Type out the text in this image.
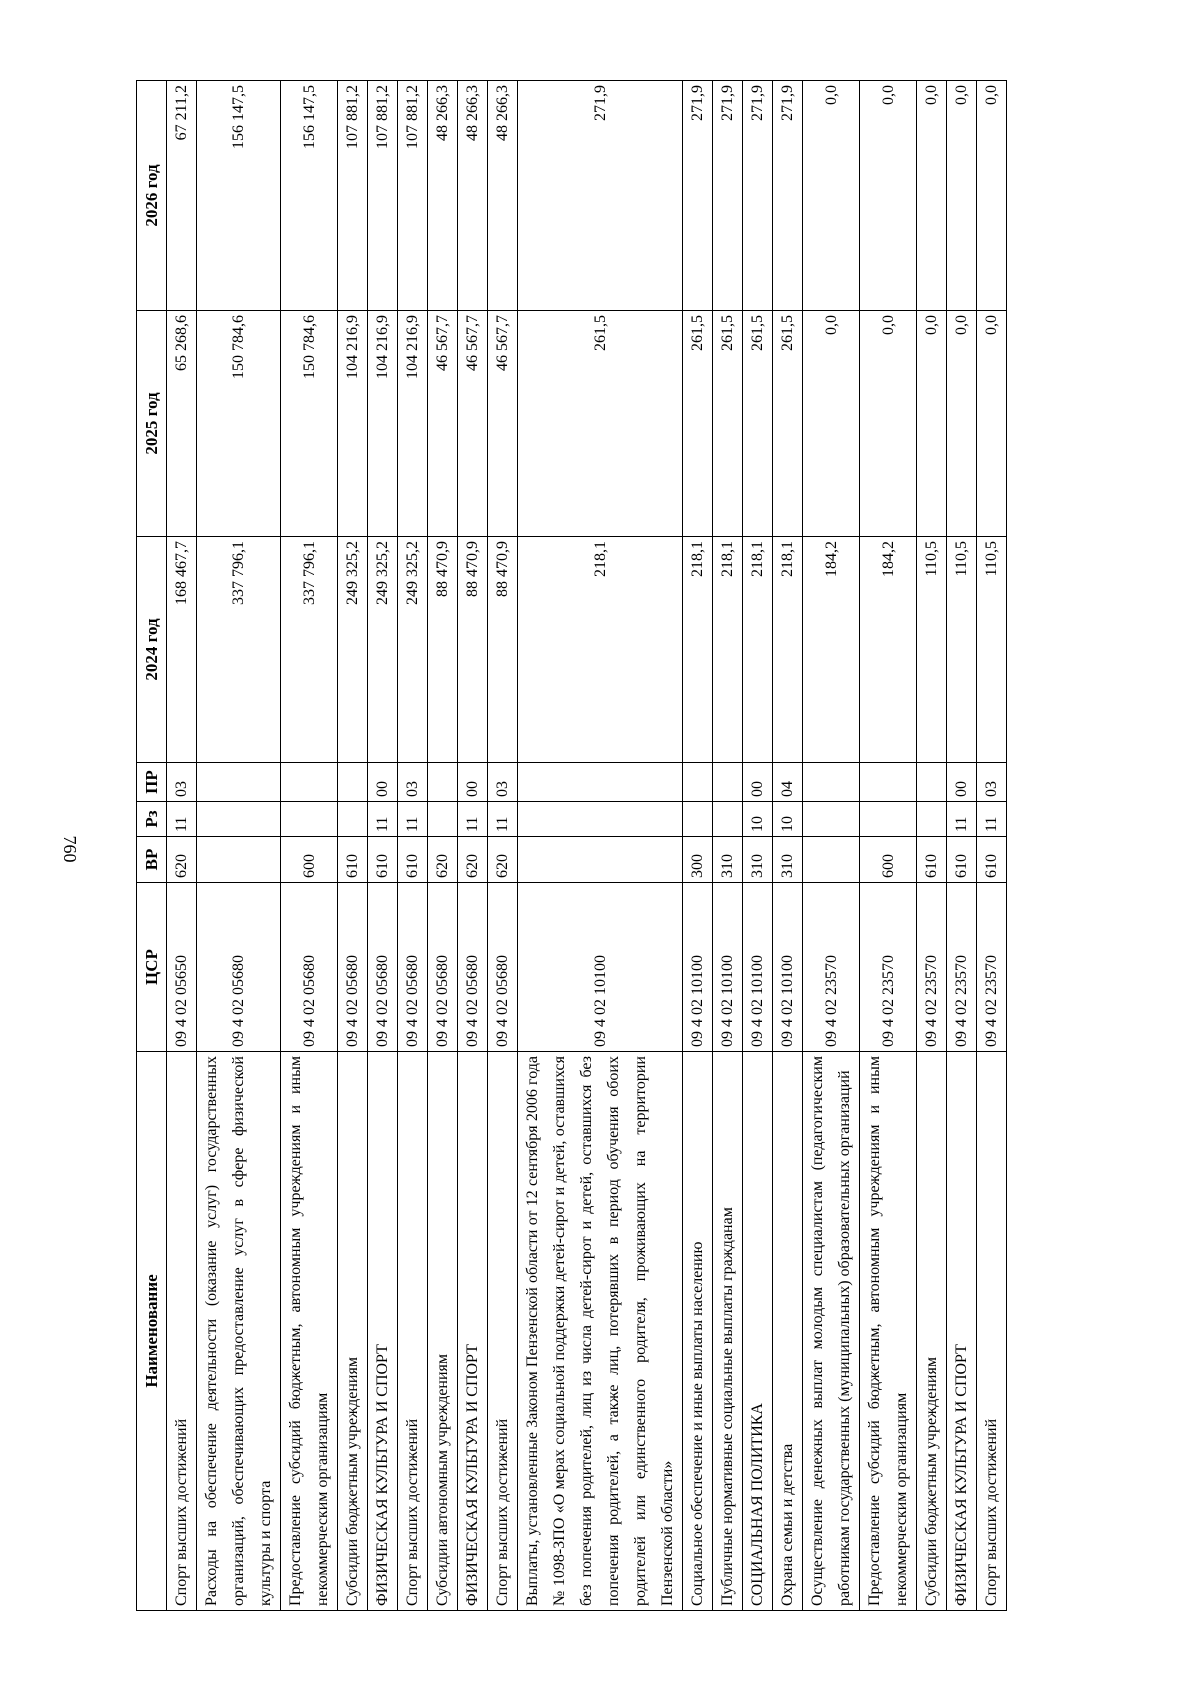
760
Наименование	ЦСР	ВР	Рз	ПР	2024 год	2025 год	2026 год
Спорт высших достижений	09 4 02 05650	620	11	03	168 467,7	65 268,6	67 211,2
Расходы на обеспечение деятельности (оказание услуг) государственных организаций, обеспечивающих предоставление услуг в сфере физической культуры и спорта	09 4 02 05680				337 796,1	150 784,6	156 147,5
Предоставление субсидий бюджетным, автономным учреждениям и иным некоммерческим организациям	09 4 02 05680	600			337 796,1	150 784,6	156 147,5
Субсидии бюджетным учреждениям	09 4 02 05680	610			249 325,2	104 216,9	107 881,2
ФИЗИЧЕСКАЯ КУЛЬТУРА И СПОРТ	09 4 02 05680	610	11	00	249 325,2	104 216,9	107 881,2
Спорт высших достижений	09 4 02 05680	610	11	03	249 325,2	104 216,9	107 881,2
Субсидии автономным учреждениям	09 4 02 05680	620			88 470,9	46 567,7	48 266,3
ФИЗИЧЕСКАЯ КУЛЬТУРА И СПОРТ	09 4 02 05680	620	11	00	88 470,9	46 567,7	48 266,3
Спорт высших достижений	09 4 02 05680	620	11	03	88 470,9	46 567,7	48 266,3
Выплаты, установленные Законом Пензенской области от 12 сентября 2006 года № 1098-ЗПО «О мерах социальной поддержки детей-сирот и детей, оставшихся без попечения родителей, лиц из числа детей-сирот и детей, оставшихся без попечения родителей, а также лиц, потерявших в период обучения обоих родителей или единственного родителя, проживающих на территории Пензенской области»	09 4 02 10100				218,1	261,5	271,9
Социальное обеспечение и иные выплаты населению	09 4 02 10100	300			218,1	261,5	271,9
Публичные нормативные социальные выплаты гражданам	09 4 02 10100	310			218,1	261,5	271,9
СОЦИАЛЬНАЯ ПОЛИТИКА	09 4 02 10100	310	10	00	218,1	261,5	271,9
Охрана семьи и детства	09 4 02 10100	310	10	04	218,1	261,5	271,9
Осуществление денежных выплат молодым специалистам (педагогическим работникам государственных (муниципальных) образовательных организаций	09 4 02 23570				184,2	0,0	0,0
Предоставление субсидий бюджетным, автономным учреждениям и иным некоммерческим организациям	09 4 02 23570	600			184,2	0,0	0,0
Субсидии бюджетным учреждениям	09 4 02 23570	610			110,5	0,0	0,0
ФИЗИЧЕСКАЯ КУЛЬТУРА И СПОРТ	09 4 02 23570	610	11	00	110,5	0,0	0,0
Спорт высших достижений	09 4 02 23570	610	11	03	110,5	0,0	0,0
